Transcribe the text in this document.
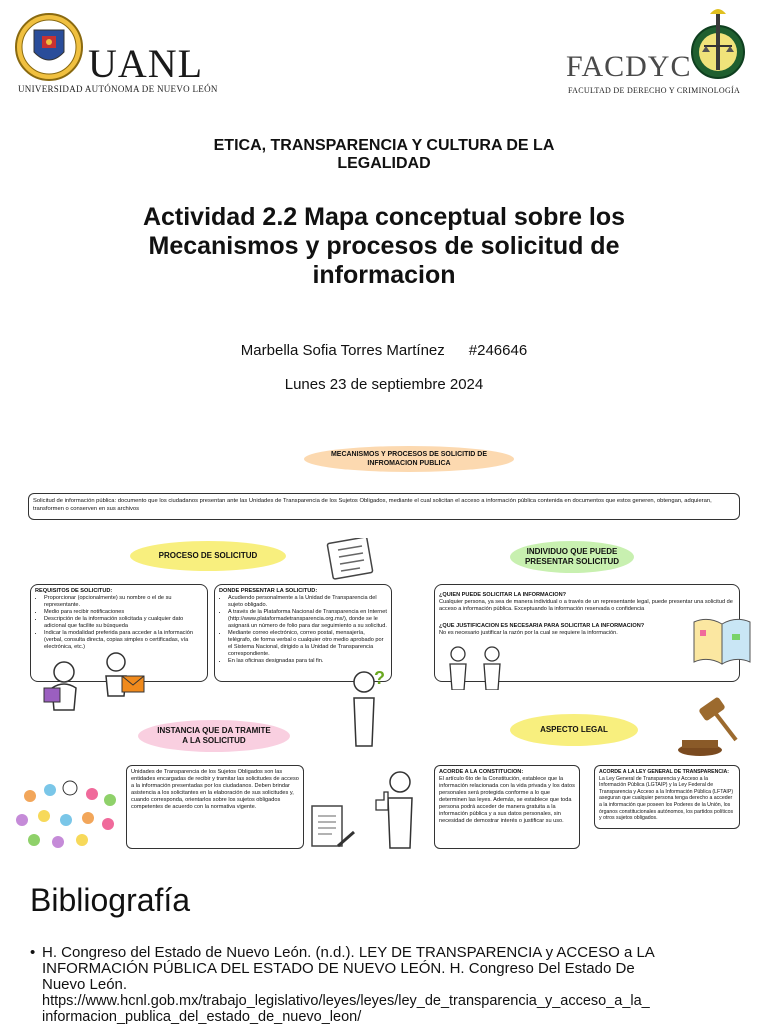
UANL
UNIVERSIDAD AUTÓNOMA DE NUEVO LEÓN
FACDYC
FACULTAD DE DERECHO Y CRIMINOLOGÍA
ETICA, TRANSPARENCIA Y CULTURA DE LA
LEGALIDAD
Actividad 2.2 Mapa conceptual sobre los
Mecanismos y procesos de solicitud de
informacion
Marbella Sofia Torres Martínez #246646
Lunes 23 de septiembre 2024
MECANISMOS Y PROCESOS DE SOLICITID DE INFROMACION PUBLICA
Solicitud de información pública: documento que los ciudadanos presentan ante las Unidades de Transparencia de los Sujetos Obligados, mediante el cual solicitan el acceso a información pública contenida en documentos que estos generen, obtengan, adquieran, transformen o conserven en sus archivos
PROCESO DE SOLICITUD
REQUISITOS DE SOLICITUD:
• Proporcionar (opcionalmente) su nombre o el de su representante.
• Medio para recibir notificaciones
• Descripción de la información solicitada y cualquier dato adicional que facilite su búsqueda
• Indicar la modalidad preferida para acceder a la información (verbal, consulta directa, copias simples o certificadas, vía electrónica, etc.)
DONDE PRESENTAR LA SOLICITUD:
• Acudiendo personalmente a la Unidad de Transparencia del sujeto obligado.
• A través de la Plataforma Nacional de Transparencia en Internet (http://www.plataformadetransparencia.org.mx/), donde se le asignará un número de folio para dar seguimiento a su solicitud.
• Mediante correo electrónico, correo postal, mensajería, telégrafo, de forma verbal o cualquier otro medio aprobado por el Sistema Nacional, dirigido a la Unidad de Transparencia correspondiente.
• En las oficinas designadas para tal fin.
?
INDIVIDUO QUE PUEDE PRESENTAR SOLICITUD
¿QUIEN PUEDE SOLICITAR LA INFORMACION?
Cualquier persona, ya sea de manera individual o a través de un representante legal, puede presentar una solicitud de acceso a información pública. Exceptuando la información reservada o confidencia
¿QUE JUSTIFICACION ES NECESARIA PARA SOLICITAR LA INFORMACION?
No es necesario justificar la razón por la cual se requiere la información.
INSTANCIA QUE DA TRAMITE A LA SOLICITUD
Unidades de Transparencia de los Sujetos Obligados son las entidades encargadas de recibir y tramitar las solicitudes de acceso a la información presentadas por los ciudadanos. Deben brindar asistencia a los solicitantes en la elaboración de sus solicitudes y, cuando corresponda, orientarlos sobre los sujetos obligados competentes de acuerdo con la normativa vigente.
ASPECTO LEGAL
ACORDE A LA CONSTITUCION:
El artículo 6to de la Constitución, establece que la información relacionada con la vida privada y los datos personales será protegida conforme a lo que determinen las leyes. Además, se establece que toda persona podrá acceder de manera gratuita a la información pública y a sus datos personales, sin necesidad de demostrar interés o justificar su uso.
ACORDE A LA LEY GENERAL DE TRANSPARENCIA:
La Ley General de Transparencia y Acceso a la Información Pública (LGTAIP) y la Ley Federal de Transparencia y Acceso a la Información Pública (LFTAIP) aseguran que cualquier persona tenga derecho a acceder a la información que poseen los Poderes de la Unión, los órganos constitucionales autónomos, los partidos políticos y otros sujetos obligados.
Bibliografía
• H. Congreso del Estado de Nuevo León. (n.d.). LEY DE TRANSPARENCIA y ACCESO a LA
INFORMACIÓN PÚBLICA DEL ESTADO DE NUEVO LEÓN. H. Congreso Del Estado De
Nuevo León.
https://www.hcnl.gob.mx/trabajo_legislativo/leyes/leyes/ley_de_transparencia_y_acceso_a_la_
informacion_publica_del_estado_de_nuevo_leon/
